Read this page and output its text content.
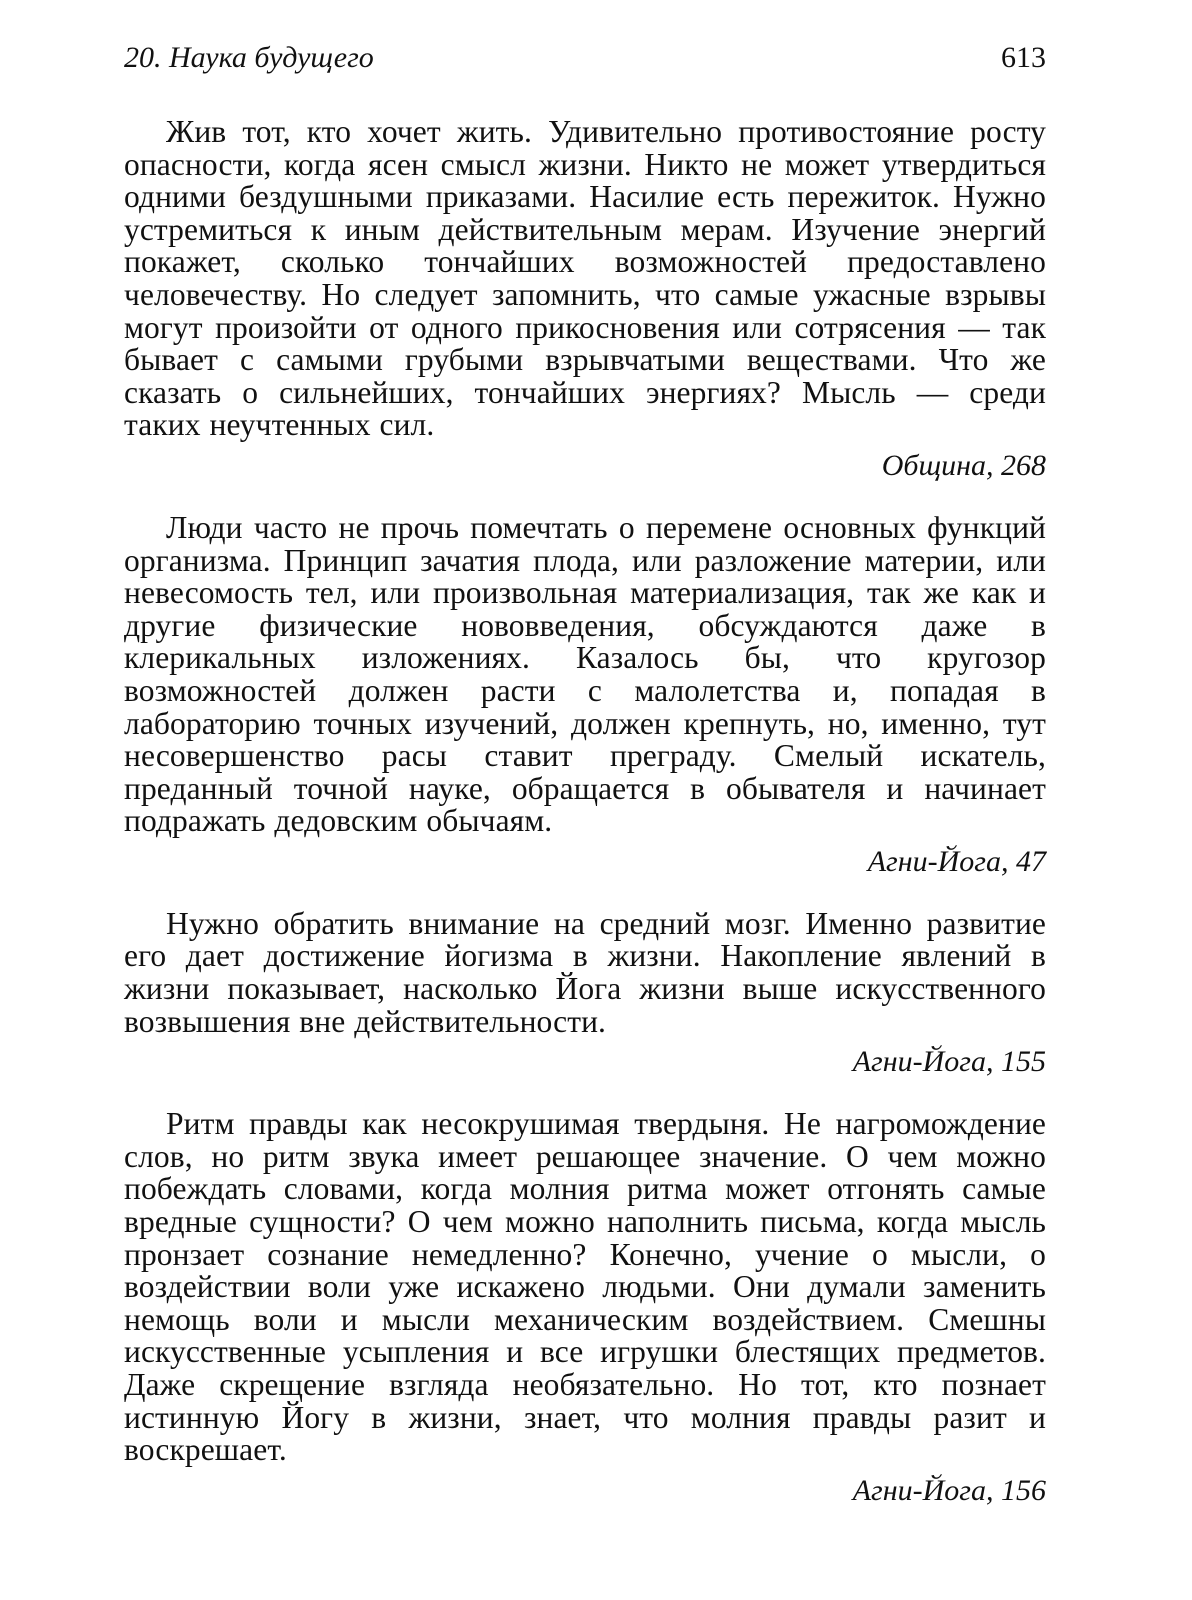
20. Наука будущего	613

Жив тот, кто хочет жить. Удивительно противостояние росту опасности, когда ясен смысл жизни. Никто не может утвердиться одними бездушными приказами. Насилие есть пережиток. Нужно устремиться к иным действительным мерам. Изучение энергий покажет, сколько тончайших возможностей предоставлено человечеству. Но следует запомнить, что самые ужасные взрывы могут произойти от одного прикосновения или сотрясения — так бывает с самыми грубыми взрывчатыми веществами. Что же сказать о сильнейших, тончайших энергиях? Мысль — среди таких неучтенных сил.

Община, 268

Люди часто не прочь помечтать о перемене основных функций организма. Принцип зачатия плода, или разложение материи, или невесомость тел, или произвольная материализация, так же как и другие физические нововведения, обсуждаются даже в клерикальных изложениях. Казалось бы, что кругозор возможностей должен расти с малолетства и, попадая в лабораторию точных изучений, должен крепнуть, но, именно, тут несовершенство расы ставит преграду. Смелый искатель, преданный точной науке, обращается в обывателя и начинает подражать дедовским обычаям.

Агни-Йога, 47

Нужно обратить внимание на средний мозг. Именно развитие его дает достижение йогизма в жизни. Накопление явлений в жизни показывает, насколько Йога жизни выше искусственного возвышения вне действительности.

Агни-Йога, 155

Ритм правды как несокрушимая твердыня. Не нагромождение слов, но ритм звука имеет решающее значение. О чем можно побеждать словами, когда молния ритма может отгонять самые вредные сущности? О чем можно наполнить письма, когда мысль пронзает сознание немедленно? Конечно, учение о мысли, о воздействии воли уже искажено людьми. Они думали заменить немощь воли и мысли механическим воздействием. Смешны искусственные усыпления и все игрушки блестящих предметов. Даже скрещение взгляда необязательно. Но тот, кто познает истинную Йогу в жизни, знает, что молния правды разит и воскрешает.

Агни-Йога, 156
